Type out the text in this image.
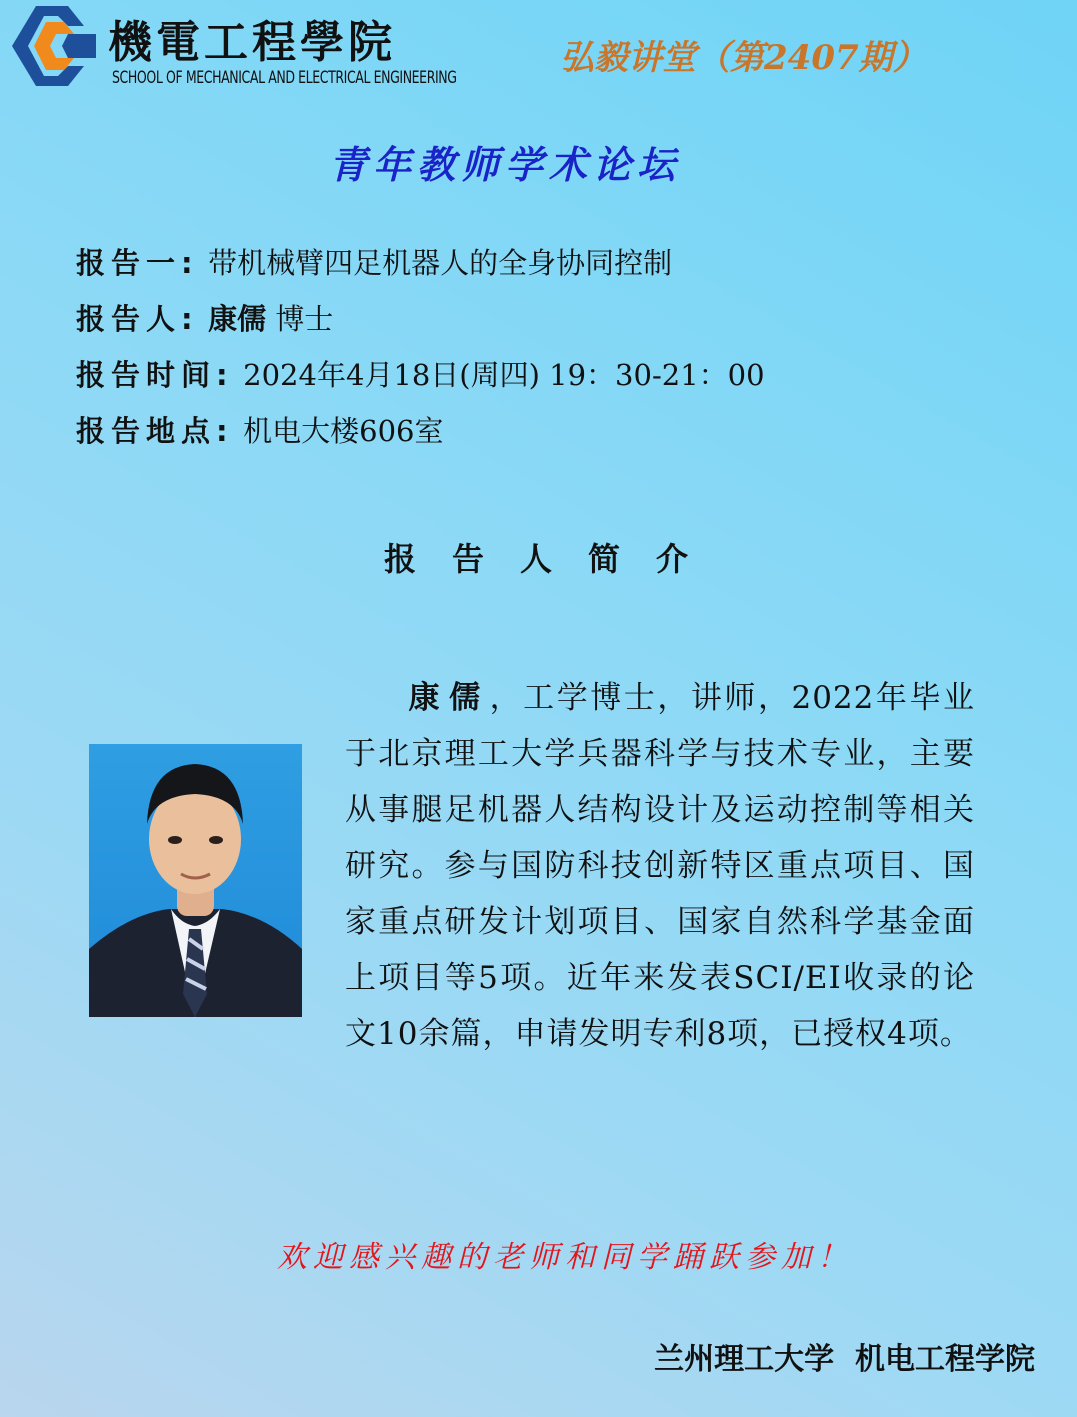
機電工程學院
SCHOOL OF MECHANICAL AND ELECTRICAL ENGINEERING	弘毅讲堂（第2407期）
青年教师学术论坛
报告一: 带机械臂四足机器人的全身协同控制
报告人: 康儒 博士
报告时间: 2024年4月18日(周四) 19：30-21：00
报告地点: 机电大楼606室
报告人简介
康儒，工学博士，讲师，2022年毕业于北京理工大学兵器科学与技术专业，主要从事腿足机器人结构设计及运动控制等相关研究。参与国防科技创新特区重点项目、国家重点研发计划项目、国家自然科学基金面上项目等5项。近年来发表SCI/EI收录的论文10余篇，申请发明专利8项，已授权4项。
欢迎感兴趣的老师和同学踊跃参加！
兰州理工大学  机电工程学院
